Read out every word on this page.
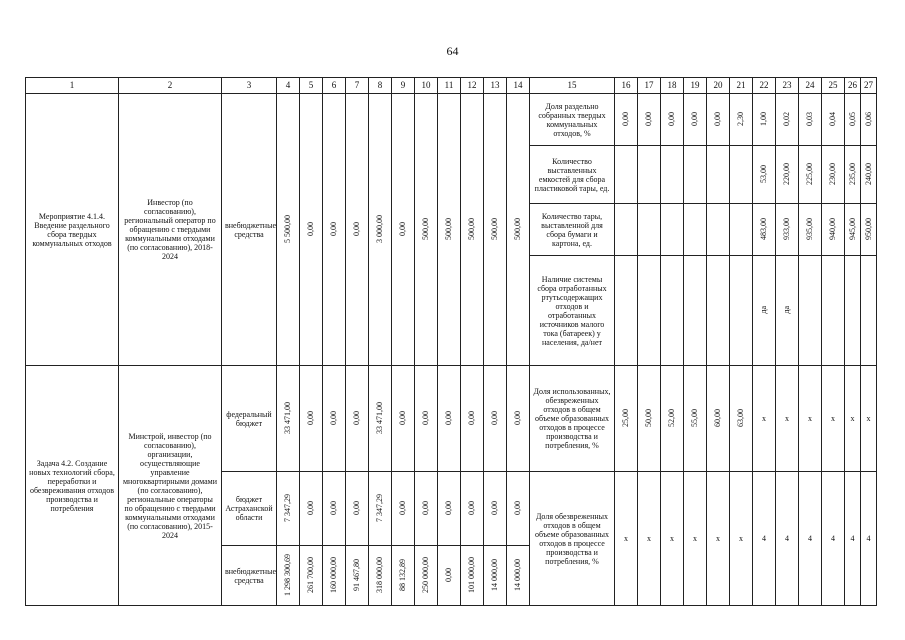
64
1	2	3	4	5	6	7	8	9	10	11	12	13	14	15	16	17	18	19	20	21	22	23	24	25	26	27
Мероприятие 4.1.4. Введение раздельного сбора твердых коммунальных отходов	Инвестор (по согласованию), региональный оператор по обращению с твердыми коммунальными отходами (по согласованию), 2018-2024	внебюджетные средства	5 500,00	0,00	0,00	0,00	3 000,00	0,00	500,00	500,00	500,00	500,00	500,00	Доля раздельно собранных твердых коммунальных отходов, %	0,00	0,00	0,00	0,00	0,00	2,30	1,00	0,02	0,03	0,04	0,05	0,06
														Количество выставленных емкостей для сбора пластиковой тары, ед.							53,00	220,00	225,00	230,00	235,00	240,00
														Количество тары, выставленной для сбора бумаги и картона, ед.							483,00	933,00	935,00	940,00	945,00	950,00
														Наличие системы сбора отработанных ртутьсодержащих отходов и отработанных источников малого тока (батареек) у населения, да/нет							да	да				
Задача 4.2. Создание новых технологий сбора, переработки и обезвреживания отходов производства и потребления	Минстрой, инвестор (по согласованию), организации, осуществляющие управление многоквартирными домами (по согласованию), региональные операторы по обращению с твердыми коммунальными отходами (по согласованию), 2015-2024	федеральный бюджет	33 471,00	0,00	0,00	0,00	33 471,00	0,00	0,00	0,00	0,00	0,00	0,00	Доля использованных, обезвреженных отходов в общем объеме образованных отходов в процессе производства и потребления, %	25,00	50,00	52,00	55,00	60,00	63,00	x	x	x	x	x	x
		бюджет Астраханской области	7 347,29	0,00	0,00	0,00	7 347,29	0,00	0,00	0,00	0,00	0,00	0,00	Доля обезвреженных отходов в общем объеме образованных отходов в процессе производства и потребления, %	x	x	x	x	x	x	4	4	4	4	4	4
		внебюджетные средства	1 298 300,69	261 700,00	160 000,00	91 467,80	318 000,00	88 132,89	250 000,00	0,00	101 000,00	14 000,00	14 000,00													
